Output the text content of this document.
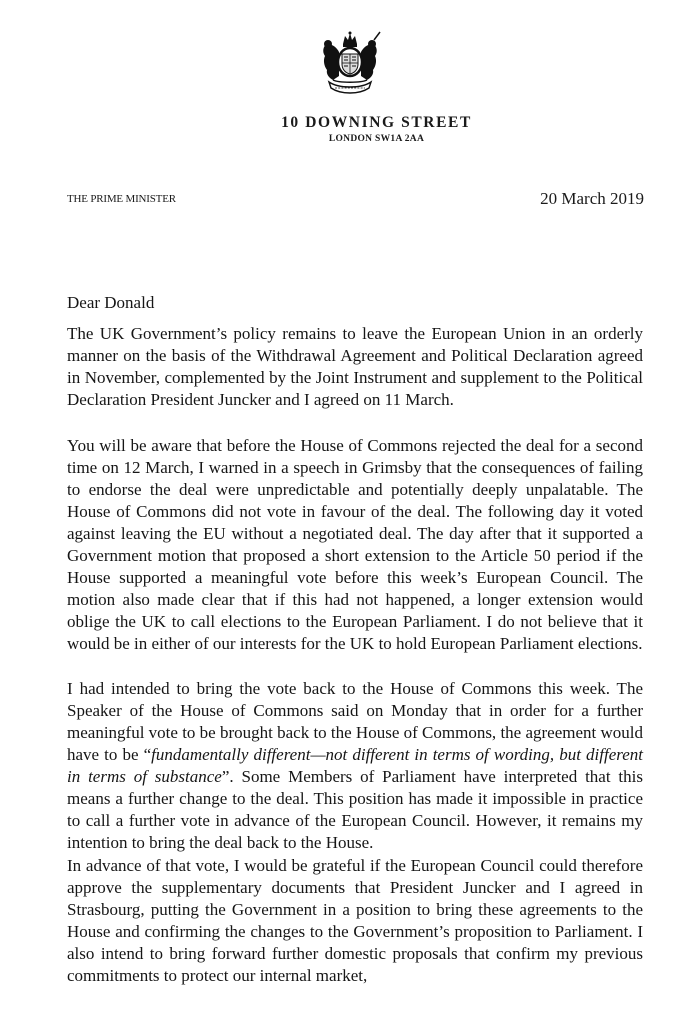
10 DOWNING STREET
LONDON SW1A 2AA
THE PRIME MINISTER	20 March 2019
Dear Donald

The UK Government’s policy remains to leave the European Union in an orderly manner on the basis of the Withdrawal Agreement and Political Declaration agreed in November, complemented by the Joint Instrument and supplement to the Political Declaration President Juncker and I agreed on 11 March.

You will be aware that before the House of Commons rejected the deal for a second time on 12 March, I warned in a speech in Grimsby that the consequences of failing to endorse the deal were unpredictable and potentially deeply unpalatable. The House of Commons did not vote in favour of the deal. The following day it voted against leaving the EU without a negotiated deal. The day after that it supported a Government motion that proposed a short extension to the Article 50 period if the House supported a meaningful vote before this week’s European Council. The motion also made clear that if this had not happened, a longer extension would oblige the UK to call elections to the European Parliament. I do not believe that it would be in either of our interests for the UK to hold European Parliament elections.

I had intended to bring the vote back to the House of Commons this week. The Speaker of the House of Commons said on Monday that in order for a further meaningful vote to be brought back to the House of Commons, the agreement would have to be “fundamentally different—not different in terms of wording, but different in terms of substance”. Some Members of Parliament have interpreted that this means a further change to the deal. This position has made it impossible in practice to call a further vote in advance of the European Council. However, it remains my intention to bring the deal back to the House.

In advance of that vote, I would be grateful if the European Council could therefore approve the supplementary documents that President Juncker and I agreed in Strasbourg, putting the Government in a position to bring these agreements to the House and confirming the changes to the Government’s proposition to Parliament. I also intend to bring forward further domestic proposals that confirm my previous commitments to protect our internal market,
